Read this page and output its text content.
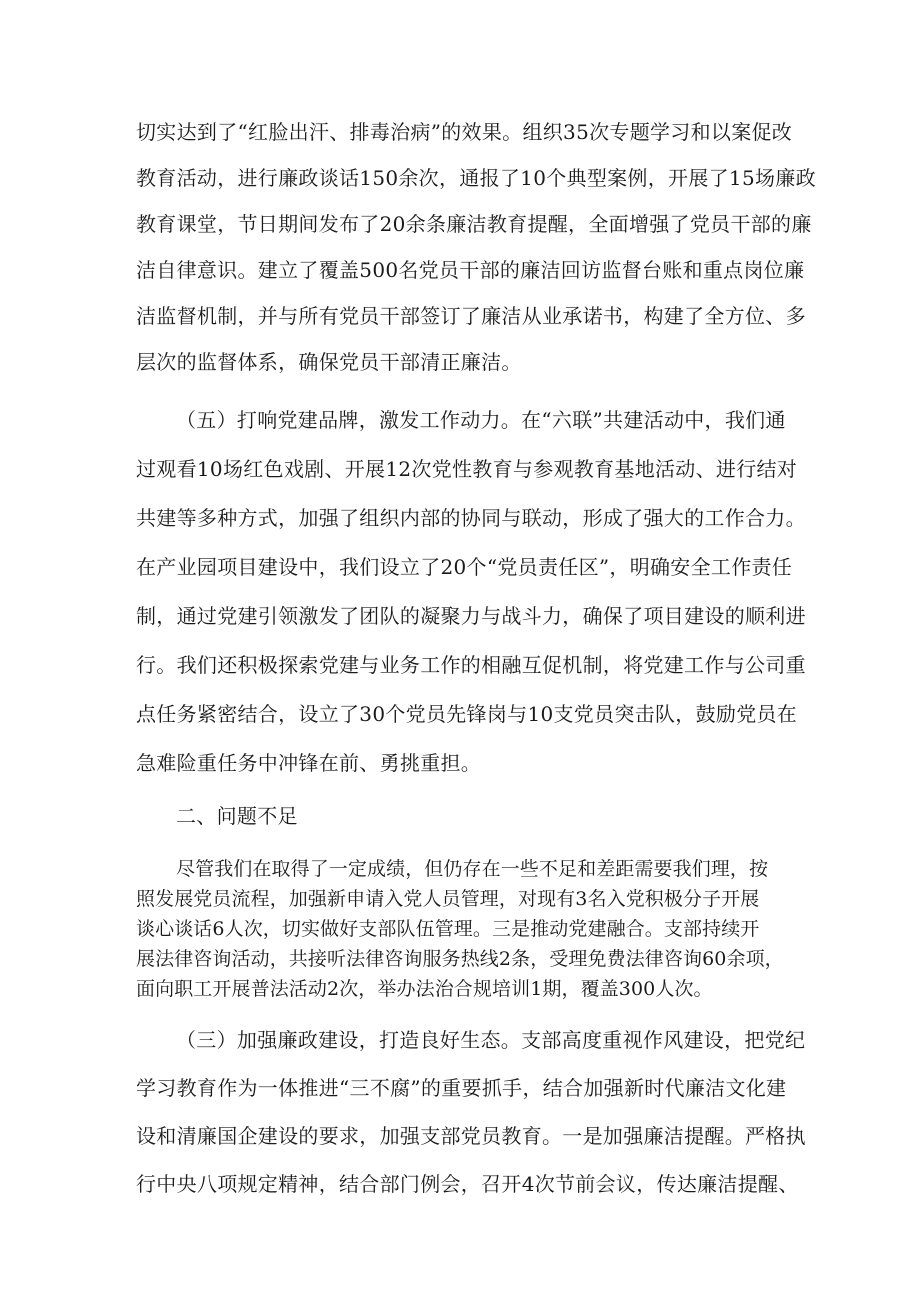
切实达到了“红脸出汗、排毒治病”的效果。组织35次专题学习和以案促改
教育活动，进行廉政谈话150余次，通报了10个典型案例，开展了15场廉政
教育课堂，节日期间发布了20余条廉洁教育提醒，全面增强了党员干部的廉
洁自律意识。建立了覆盖500名党员干部的廉洁回访监督台账和重点岗位廉
洁监督机制，并与所有党员干部签订了廉洁从业承诺书，构建了全方位、多
层次的监督体系，确保党员干部清正廉洁。
（五）打响党建品牌，激发工作动力。在“六联”共建活动中，我们通
过观看10场红色戏剧、开展12次党性教育与参观教育基地活动、进行结对
共建等多种方式，加强了组织内部的协同与联动，形成了强大的工作合力。
在产业园项目建设中，我们设立了20个“党员责任区”，明确安全工作责任
制，通过党建引领激发了团队的凝聚力与战斗力，确保了项目建设的顺利进
行。我们还积极探索党建与业务工作的相融互促机制，将党建工作与公司重
点任务紧密结合，设立了30个党员先锋岗与10支党员突击队，鼓励党员在
急难险重任务中冲锋在前、勇挑重担。
二、问题不足
尽管我们在取得了一定成绩，但仍存在一些不足和差距需要我们理，按
照发展党员流程，加强新申请入党人员管理，对现有3名入党积极分子开展
谈心谈话6人次，切实做好支部队伍管理。三是推动党建融合。支部持续开
展法律咨询活动，共接听法律咨询服务热线2条，受理免费法律咨询60余项，
面向职工开展普法活动2次，举办法治合规培训1期，覆盖300人次。
（三）加强廉政建设，打造良好生态。支部高度重视作风建设，把党纪
学习教育作为一体推进“三不腐”的重要抓手，结合加强新时代廉洁文化建
设和清廉国企建设的要求，加强支部党员教育。一是加强廉洁提醒。严格执
行中央八项规定精神，结合部门例会，召开4次节前会议，传达廉洁提醒、
